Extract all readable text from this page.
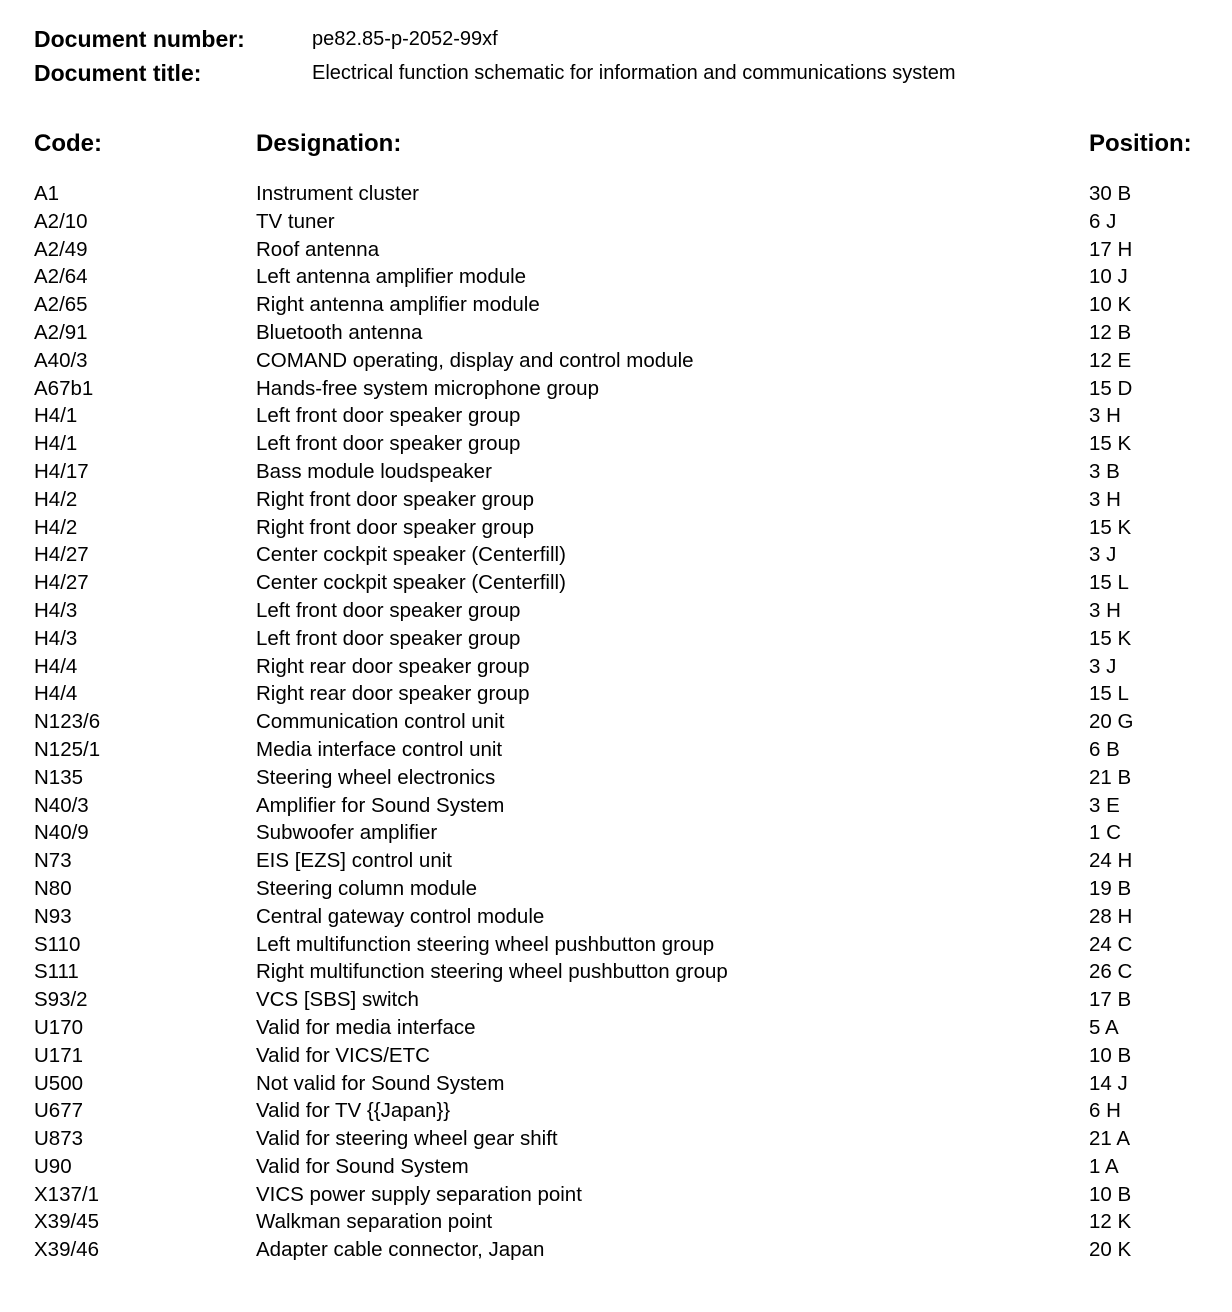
Document number:	pe82.85-p-2052-99xf
Document title:	Electrical function schematic for information and communications system
Code:	Designation:	Position:
A1	Instrument cluster	30 B
A2/10	TV tuner	6 J
A2/49	Roof antenna	17 H
A2/64	Left antenna amplifier module	10 J
A2/65	Right antenna amplifier module	10 K
A2/91	Bluetooth antenna	12 B
A40/3	COMAND operating, display and control module	12 E
A67b1	Hands-free system microphone group	15 D
H4/1	Left front door speaker group	3 H
H4/1	Left front door speaker group	15 K
H4/17	Bass module loudspeaker	3 B
H4/2	Right front door speaker group	3 H
H4/2	Right front door speaker group	15 K
H4/27	Center cockpit speaker (Centerfill)	3 J
H4/27	Center cockpit speaker (Centerfill)	15 L
H4/3	Left front door speaker group	3 H
H4/3	Left front door speaker group	15 K
H4/4	Right rear door speaker group	3 J
H4/4	Right rear door speaker group	15 L
N123/6	Communication control unit	20 G
N125/1	Media interface control unit	6 B
N135	Steering wheel electronics	21 B
N40/3	Amplifier for Sound System	3 E
N40/9	Subwoofer amplifier	1 C
N73	EIS [EZS] control unit	24 H
N80	Steering column module	19 B
N93	Central gateway control module	28 H
S110	Left multifunction steering wheel pushbutton group	24 C
S111	Right multifunction steering wheel pushbutton group	26 C
S93/2	VCS [SBS] switch	17 B
U170	Valid for media interface	5 A
U171	Valid for VICS/ETC	10 B
U500	Not valid for Sound System	14 J
U677	Valid for TV {{Japan}}	6 H
U873	Valid for steering wheel gear shift	21 A
U90	Valid for Sound System	1 A
X137/1	VICS power supply separation point	10 B
X39/45	Walkman separation point	12 K
X39/46	Adapter cable connector, Japan	20 K
